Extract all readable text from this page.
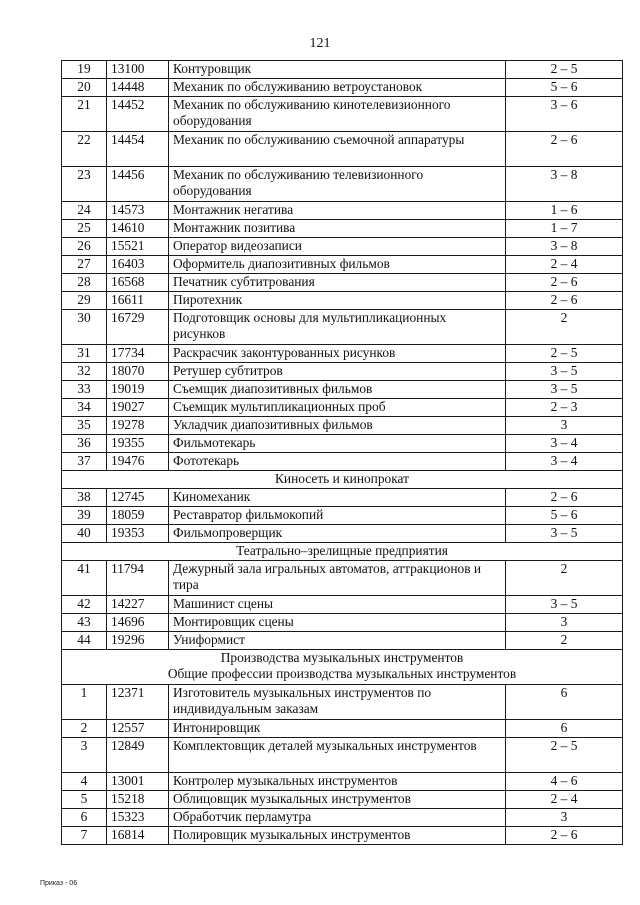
121
19	13100	Контуровщик	2 – 5
20	14448	Механик по обслуживанию ветроустановок	5 – 6
21	14452	Механик по обслуживанию кинотелевизионного оборудования	3 – 6
22	14454	Механик по обслуживанию съемочной аппаратуры	2 – 6
23	14456	Механик по обслуживанию телевизионного оборудования	3 – 8
24	14573	Монтажник негатива	1 – 6
25	14610	Монтажник позитива	1 – 7
26	15521	Оператор видеозаписи	3 – 8
27	16403	Оформитель диапозитивных фильмов	2 – 4
28	16568	Печатник субтитрования	2 – 6
29	16611	Пиротехник	2 – 6
30	16729	Подготовщик основы для мультипликационных рисунков	2
31	17734	Раскрасчик законтурованных рисунков	2 – 5
32	18070	Ретушер субтитров	3 – 5
33	19019	Съемщик диапозитивных фильмов	3 – 5
34	19027	Съемщик мультипликационных проб	2 – 3
35	19278	Укладчик диапозитивных фильмов	3
36	19355	Фильмотекарь	3 – 4
37	19476	Фототекарь	3 – 4
Киносеть и кинопрокат			
38	12745	Киномеханик	2 – 6
39	18059	Реставратор фильмокопий	5 – 6
40	19353	Фильмопроверщик	3 – 5
Театрально–зрелищные предприятия			
41	11794	Дежурный зала игральных автоматов, аттракционов и тира	2
42	14227	Машинист сцены	3 – 5
43	14696	Монтировщик сцены	3
44	19296	Униформист	2

Производства музыкальных инструментов
Общие профессии производства музыкальных инструментов			

1	12371	Изготовитель музыкальных инструментов по индивидуальным заказам	6
2	12557	Интонировщик	6
3	12849	Комплектовщик деталей музыкальных инструментов	2 – 5
4	13001	Контролер музыкальных инструментов	4 – 6
5	15218	Облицовщик музыкальных инструментов	2 – 4
6	15323	Обработчик перламутра	3
7	16814	Полировщик музыкальных инструментов	2 – 6
Приказ - 06
